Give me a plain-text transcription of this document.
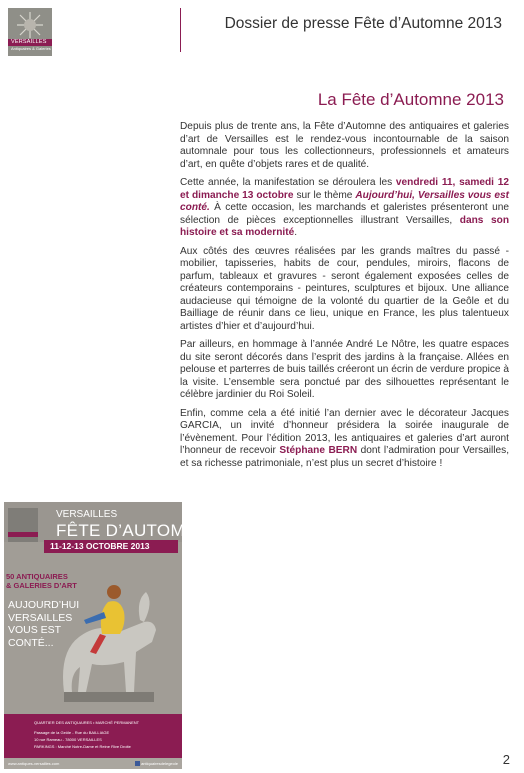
VERSAILLES
Antiquaires & Galeries
Dossier de presse Fête d’Automne 2013
La Fête d’Automne 2013

Depuis plus de trente ans, la Fête d’Automne des antiquaires et galeries d’art de Versailles est le rendez-vous incontournable de la saison automnale pour tous les collectionneurs, professionnels et amateurs d’art, en quête d’objets rares et de qualité.

Cette année, la manifestation se déroulera les vendredi 11, samedi 12 et dimanche 13 octobre sur le thème Aujourd’hui, Versailles vous est conté. À cette occasion, les marchands et galeristes présenteront une sélection de pièces exceptionnelles illustrant Versailles, dans son histoire et sa modernité.

Aux côtés des œuvres réalisées par les grands maîtres du passé - mobilier, tapisseries, habits de cour, pendules, miroirs, flacons de parfum, tableaux et gravures - seront également exposées celles de créateurs contemporains - peintures, sculptures et bijoux. Une alliance audacieuse qui témoigne de la volonté du quartier de la Geôle et du Bailliage de réunir dans ce lieu, unique en France, les plus talentueux artistes d’hier et d’aujourd’hui.

Par ailleurs, en hommage à l’année André Le Nôtre, les quatre espaces du site seront décorés dans l’esprit des jardins à la française. Allées en pelouse et parterres de buis taillés créeront un écrin de verdure propice à la visite. L’ensemble sera ponctué par des silhouettes représentant le célèbre jardinier du Roi Soleil.

Enfin, comme cela a été initié l’an dernier avec le décorateur Jacques GARCIA, un invité d’honneur présidera la soirée inaugurale de l’évènement. Pour l’édition 2013, les antiquaires et galeries d’art auront l’honneur de recevoir Stéphane BERN dont l’admiration pour Versailles, et sa richesse patrimoniale, n’est plus un secret d’histoire !

VERSAILLES
FÊTE D’AUTOMNE
11-12-13 OCTOBRE 2013
50 ANTIQUAIRES
& GALERIES D’ART
AUJOURD’HUI
VERSAILLES
VOUS EST
CONTÉ...
QUARTIER DES ANTIQUAIRES • MARCHÉ PERMANENT
Passage de la Geôle - Rue du BAILLIAGE
10 rue Rameau - 78000 VERSAILLES
PARKINGS : Marché Notre-Dame et Reine Rive Droite
www.antiques-versailles.com	antiquairesdelegeole	2
